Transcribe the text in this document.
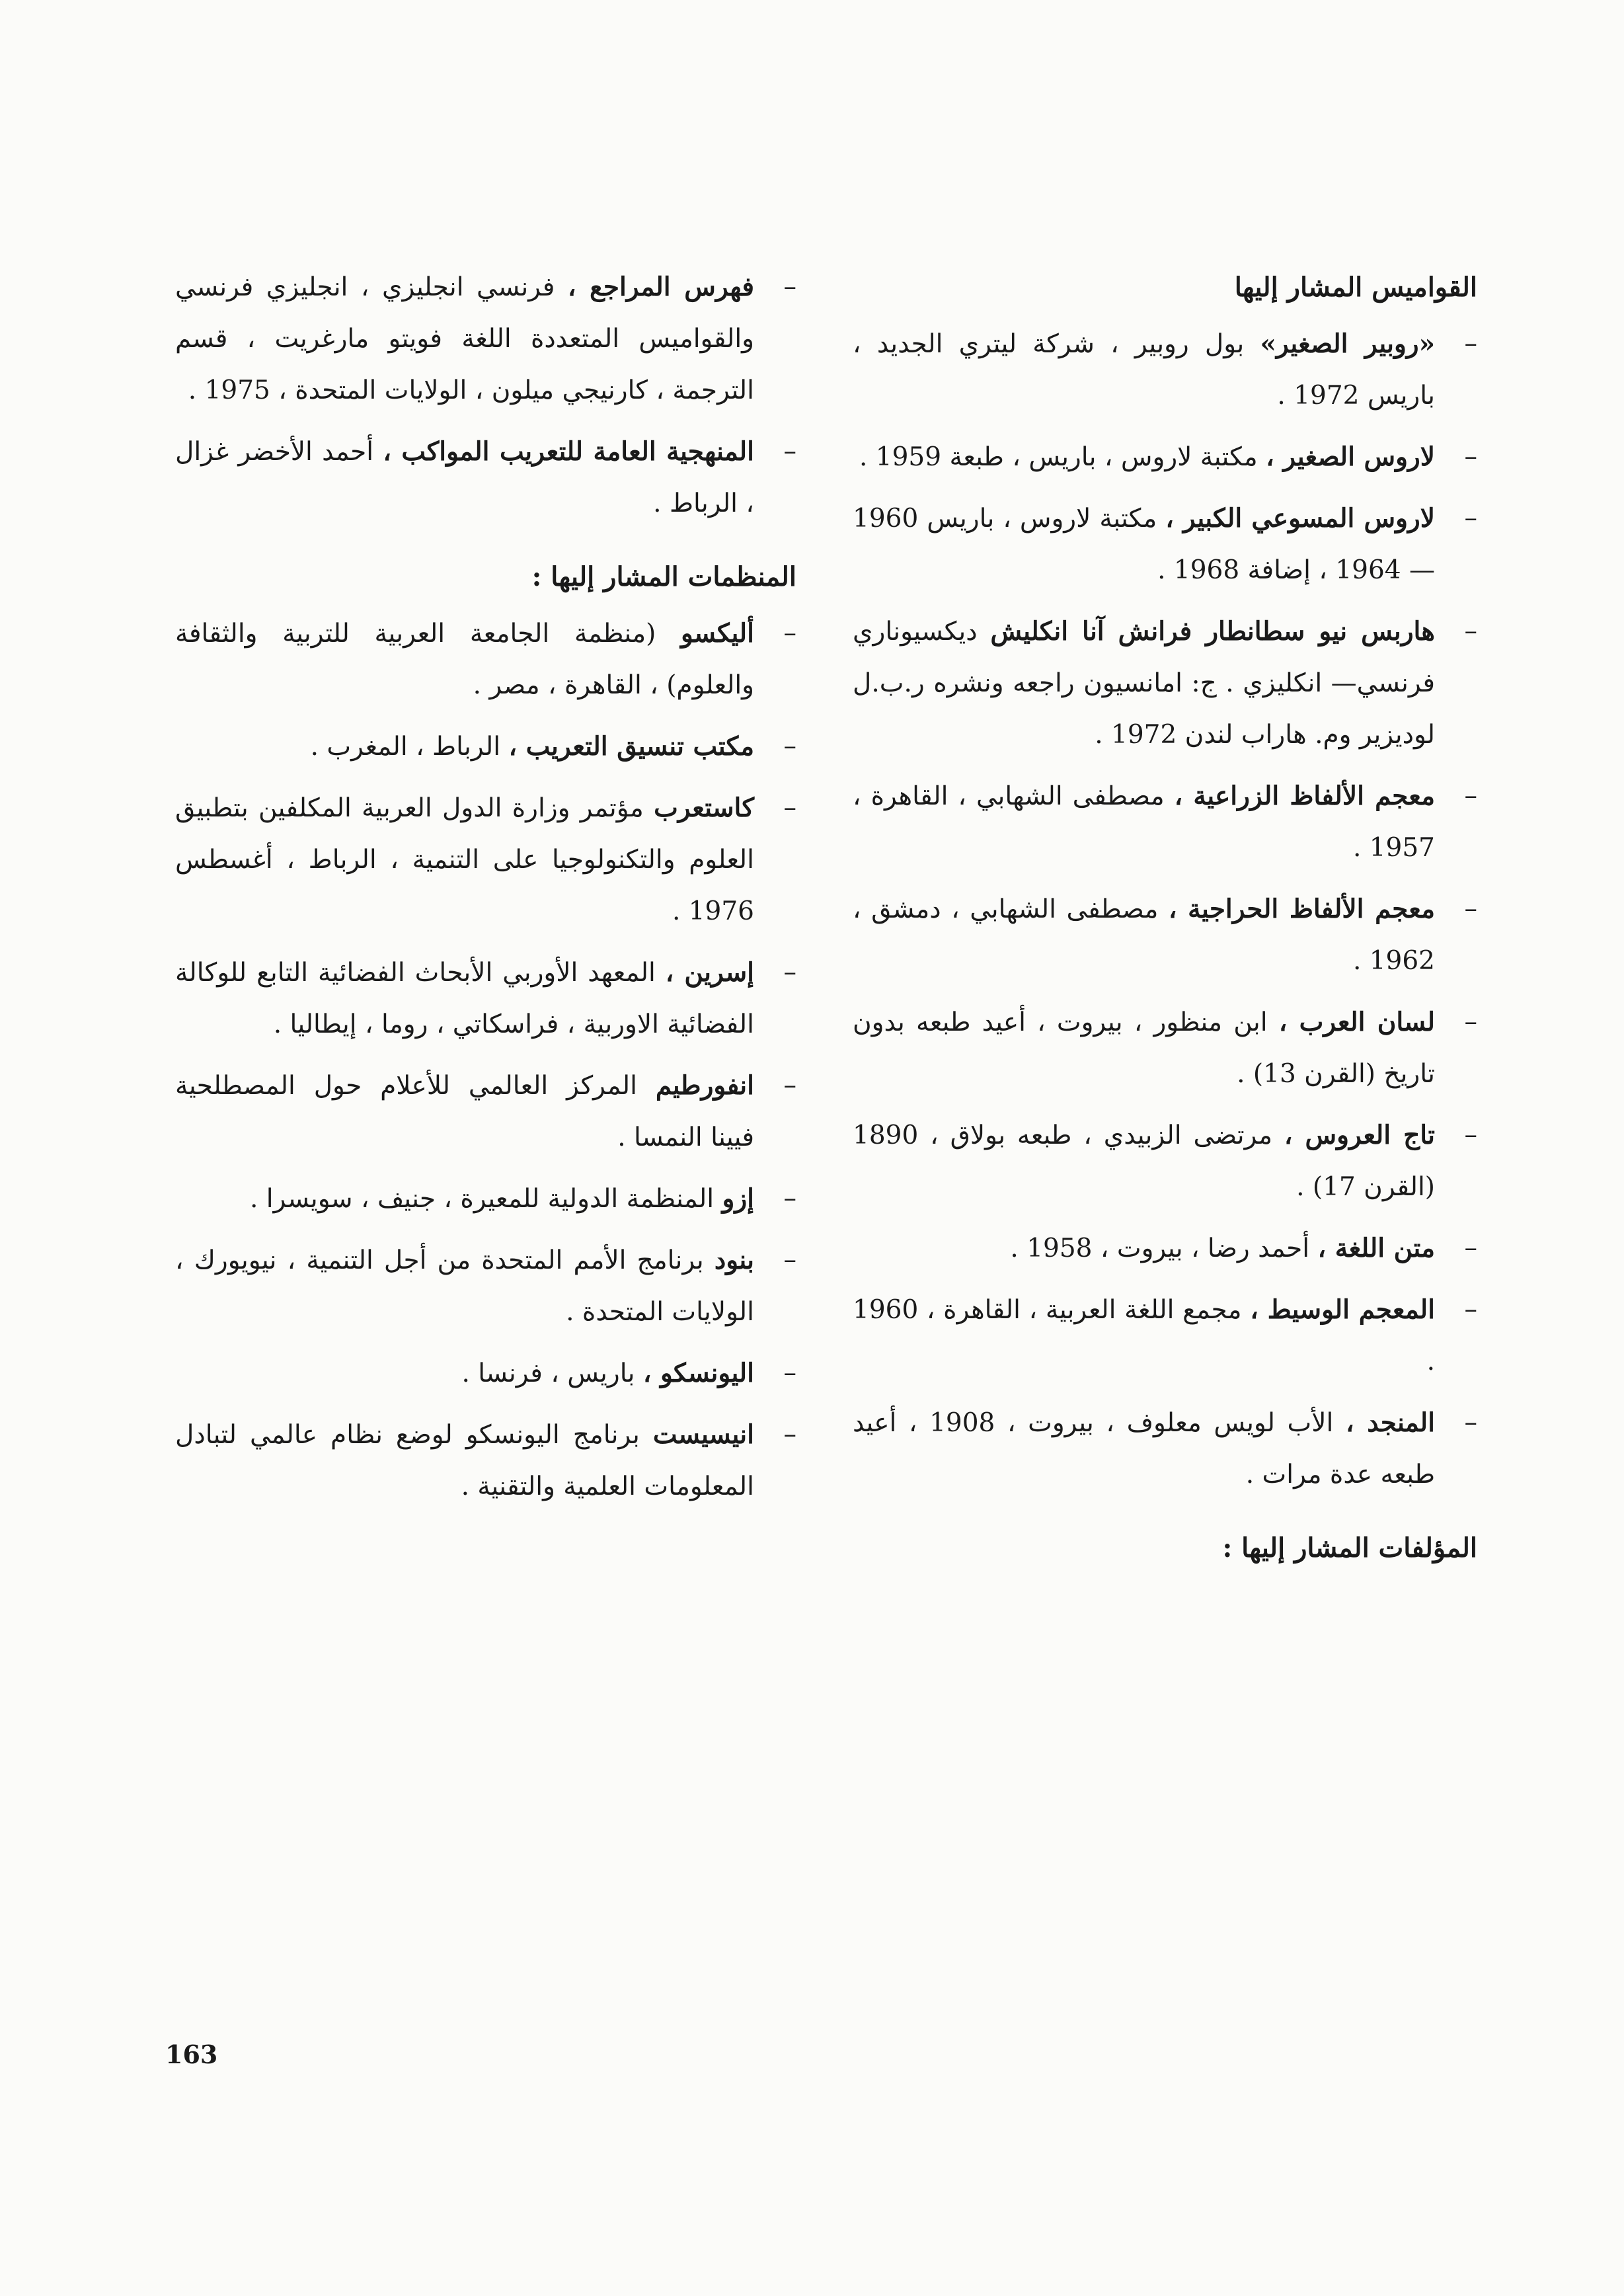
القواميس المشار إليها
–
«روبير الصغير» بول روبير ، شركة ليتري الجديد ، باريس 1972 .
–
لاروس الصغير ، مكتبة لاروس ، باريس ، طبعة 1959 .
–
لاروس المسوعي الكبير ، مكتبة لاروس ، باريس 1960 — 1964 ، إضافة 1968 .
–
هاربس نيو سطانطار فرانش آنا انكليش ديكسيوناري فرنسي— انكليزي . ج: امانسيون راجعه ونشره ر.ب.ل لوديزير وم. هاراب لندن 1972 .
–
معجم الألفاظ الزراعية ، مصطفى الشهابي ، القاهرة ، 1957 .
–
معجم الألفاظ الحراجية ، مصطفى الشهابي ، دمشق ، 1962 .
–
لسان العرب ، ابن منظور ، بيروت ، أعيد طبعه بدون تاريخ (القرن 13) .
–
تاج العروس ، مرتضى الزبيدي ، طبعه بولاق ، 1890 (القرن 17) .
–
متن اللغة ، أحمد رضا ، بيروت ، 1958 .
–
المعجم الوسيط ، مجمع اللغة العربية ، القاهرة ، 1960 .
–
المنجد ، الأب لويس معلوف ، بيروت ، 1908 ، أعيد طبعه عدة مرات .
المؤلفات المشار إليها :
–
فهرس المراجع ، فرنسي انجليزي ، انجليزي فرنسي والقواميس المتعددة اللغة فويتو مارغريت ، قسم الترجمة ، كارنيجي ميلون ، الولايات المتحدة ، 1975 .
–
المنهجية العامة للتعريب المواكب ، أحمد الأخضر غزال ، الرباط .
المنظمات المشار إليها :
–
أليكسو (منظمة الجامعة العربية للتربية والثقافة والعلوم) ، القاهرة ، مصر .
–
مكتب تنسيق التعريب ، الرباط ، المغرب .
–
كاستعرب مؤتمر وزارة الدول العربية المكلفين بتطبيق العلوم والتكنولوجيا على التنمية ، الرباط ، أغسطس 1976 .
–
إسرين ، المعهد الأوربي الأبحاث الفضائية التابع للوكالة الفضائية الاوربية ، فراسكاتي ، روما ، إيطاليا .
–
انفورطيم المركز العالمي للأعلام حول المصطلحية فيينا النمسا .
–
إزو المنظمة الدولية للمعيرة ، جنيف ، سويسرا .
–
بنود برنامج الأمم المتحدة من أجل التنمية ، نيويورك ، الولايات المتحدة .
–
اليونسكو ، باريس ، فرنسا .
–
انيسيست برنامج اليونسكو لوضع نظام عالمي لتبادل المعلومات العلمية والتقنية .
163
